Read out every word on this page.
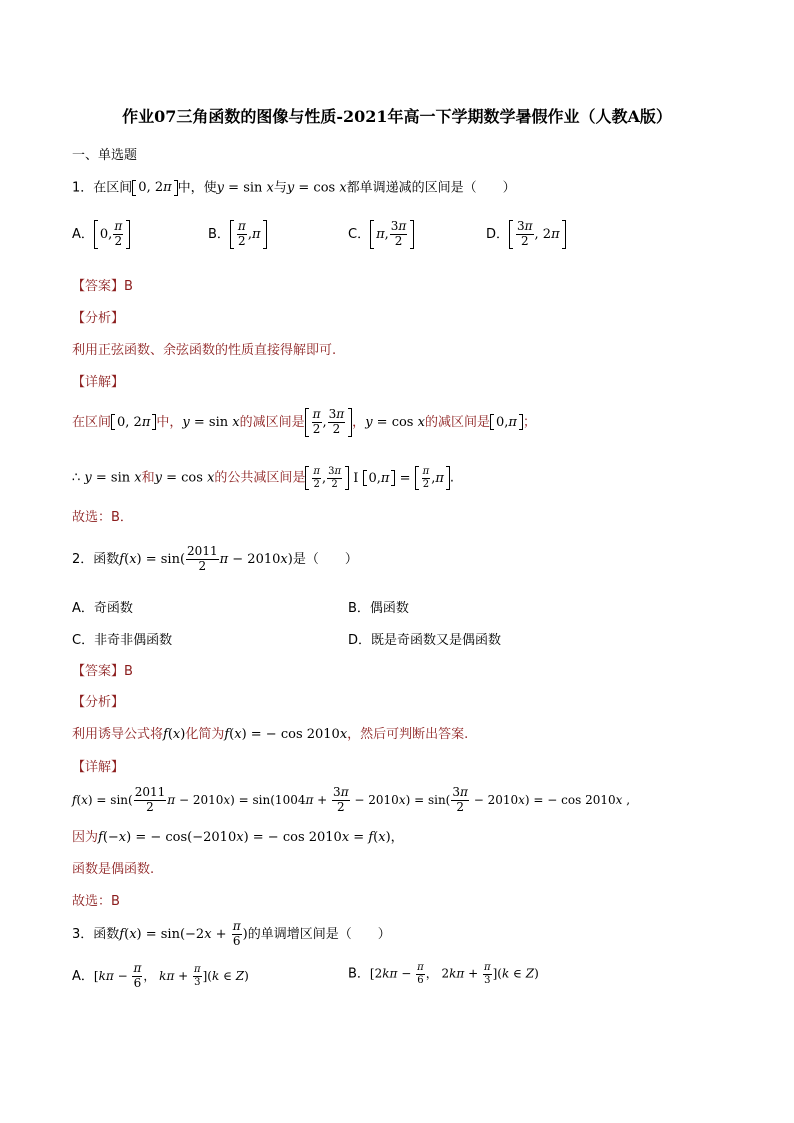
作业07三角函数的图像与性质-2021年高一下学期数学暑假作业（人教A版）
一、单选题
1．在区间 0, 2 π 中，使y = sin x与y = cos x都单调递减的区间是（　　）
A． 0, $\frac{\pi}{2}$	B． $\frac{\pi}{2}$ , π	C． π , $\frac{3\pi}{2}$	D． $\frac{3\pi}{2}$ , 2 π
【答案】B
【分析】
利用正弦函数、余弦函数的性质直接得解即可.
【详解】
在区间 0, 2 π 中，y = sin x的减区间是 $\frac{\pi}{2}$ , $\frac{3\pi}{2}$ ，y = cos x的减区间是 0, π ；
∴ y = sin x和y = cos x的公共减区间是 $\frac{\pi}{2}$ , $\frac{3\pi}{2}$ I 0, $\pi = \frac{\pi}{2}$ , π .
故选：B．
2．函数$f(x) = \sin( \frac{2011}{2}$ π − 2010x)是（　　）
A．奇函数	B．偶函数
C．非奇非偶函数	D．既是奇函数又是偶函数
【答案】B
【分析】
利用诱导公式将f(x)化简为f(x) = − cos 2010x，然后可判断出答案.
【详解】
$f(x) = \sin( \frac{2011}{2}$ $\pi - 2010x) = \sin(1004\pi + \frac{3\pi}{2} - 2010x) = \sin( \frac{3\pi}{2} - 2010x)$ = − cos 2010x ,
因为f(−x) = − cos(−2010x) = − cos 2010x = f(x)，
函数是偶函数.
故选：B
3．函数$f(x) = \sin(-2x + \frac{\pi}{6}$ )的单调增区间是（　　）
A．[$k\pi - \frac{\pi}{6}$ ， $k\pi + \frac{\pi}{3} ](k$ ∈ Z)	B．[$2k\pi - \frac{\pi}{6}$ ， $2k\pi + \frac{\pi}{3} ](k$ ∈ Z)
